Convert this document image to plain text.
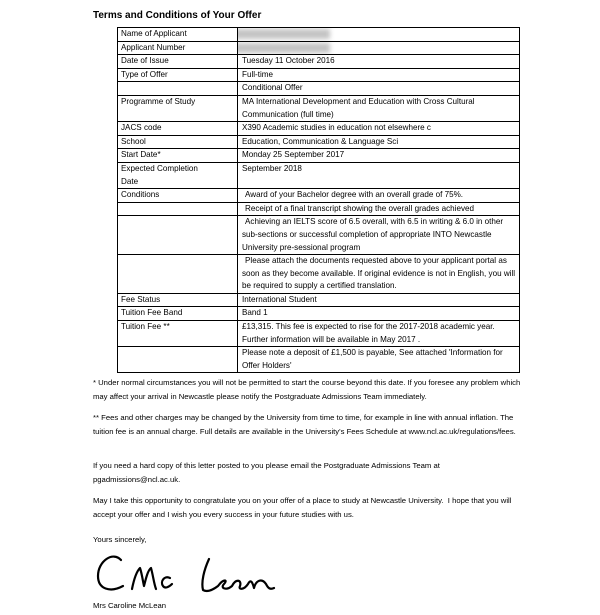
Terms and Conditions of Your Offer
Name of Applicant	

Applicant Number	

Date of Issue	Tuesday 11 October 2016

Type of Offer	Full-time

	Conditional Offer

Programme of Study	MA International Development and Education with Cross Cultural
Communication (full time)

JACS code	X390 Academic studies in education not elsewhere c

School	Education, Communication & Language Sci

Start Date*	Monday 25 September 2017

Expected Completion
Date	September 2018

Conditions	Award of your Bachelor degree with an overall grade of 75%.

	Receipt of a final transcript showing the overall grades achieved

	Achieving an IELTS score of 6.5 overall, with 6.5 in writing & 6.0 in other
sub-sections or successful completion of appropriate INTO Newcastle
University pre-sessional program

	Please attach the documents requested above to your applicant portal as
soon as they become available. If original evidence is not in English, you will
be required to supply a certified translation.

Fee Status	International Student

Tuition Fee Band	Band 1

Tuition Fee **	£13,315. This fee is expected to rise for the 2017-2018 academic year.
Further information will be available in May 2017 .

	Please note a deposit of £1,500 is payable, See attached 'Information for
Offer Holders'
* Under normal circumstances you will not be permitted to start the course beyond this date. If you foresee any problem which
may affect your arrival in Newcastle please notify the Postgraduate Admissions Team immediately.
** Fees and other charges may be changed by the University from time to time, for example in line with annual inflation. The
tuition fee is an annual charge. Full details are available in the University's Fees Schedule at www.ncl.ac.uk/regulations/fees.
If you need a hard copy of this letter posted to you please email the Postgraduate Admissions Team at
pgadmissions@ncl.ac.uk.
May I take this opportunity to congratulate you on your offer of a place to study at Newcastle University.  I hope that you will
accept your offer and I wish you every success in your future studies with us.
Yours sincerely,
Mrs Caroline McLean
